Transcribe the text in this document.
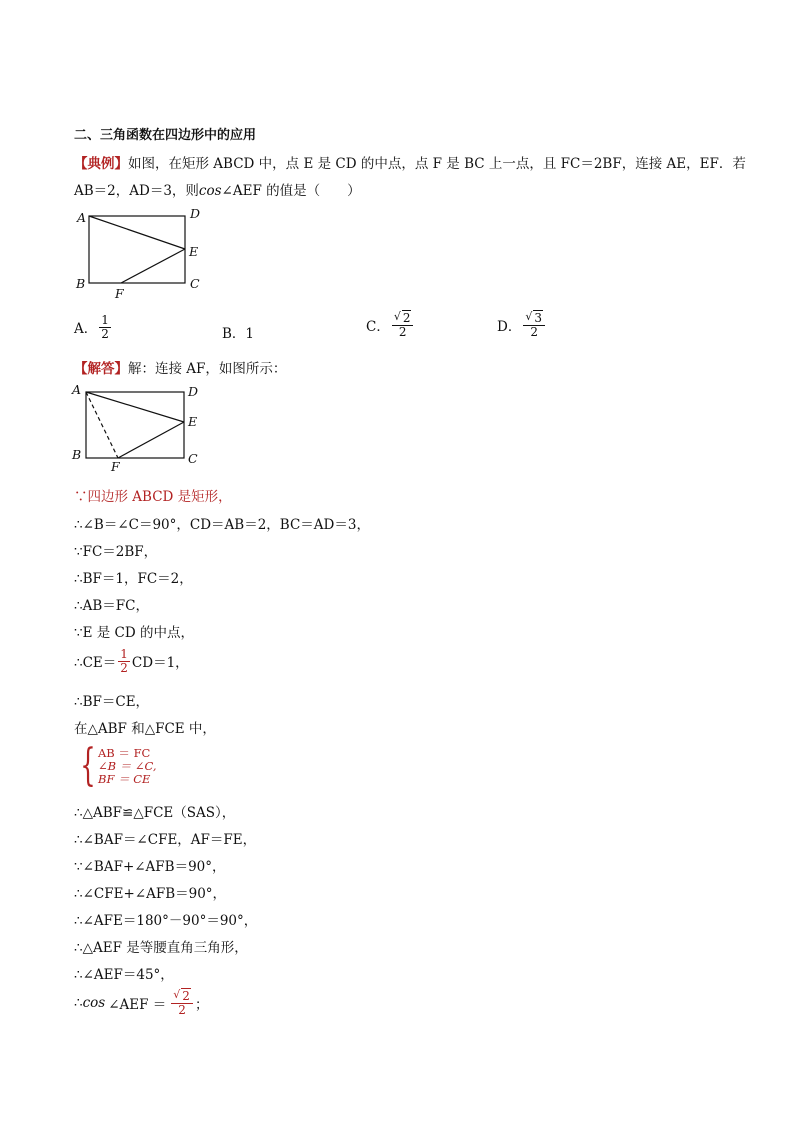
二、三角函数在四边形中的应用
【典例】如图，在矩形 ABCD 中，点 E 是 CD 的中点，点 F 是 BC 上一点，且 FC＝2BF，连接 AE，EF．若
AB＝2，AD＝3，则cos∠AEF 的值是（　　）
A	D
E
B	C
F
A． $\frac{1}{2}$	B．1	C． √ $\frac{2}{2}$	D． √ $\frac{3}{2}$
【解答】解：连接 AF，如图所示：
A	D
E
B	C
F
∵四边形 ABCD 是矩形，
∴∠B＝∠C＝90°，CD＝AB＝2，BC＝AD＝3，
∵FC＝2BF，
∴BF＝1，FC＝2，
∴AB＝FC，
∵E 是 CD 的中点，
∴CE＝ $\frac{1}{2} CD=1$，
∴BF＝CE，
在△ABF 和△FCE 中，
{ AB ＝ FC
∠B ＝ ∠C,
BF ＝ CE
∴△ABF≌△FCE（SAS），
∴∠BAF＝∠CFE，AF＝FE，
∵∠BAF+∠AFB＝90°，
∴∠CFE+∠AFB＝90°，
∴∠AFE＝180°－90°＝90°，
∴△AEF 是等腰直角三角形，
∴∠AEF＝45°，
∴ cos ∠AEF ＝ √ $\frac{2}{2}$ ；
